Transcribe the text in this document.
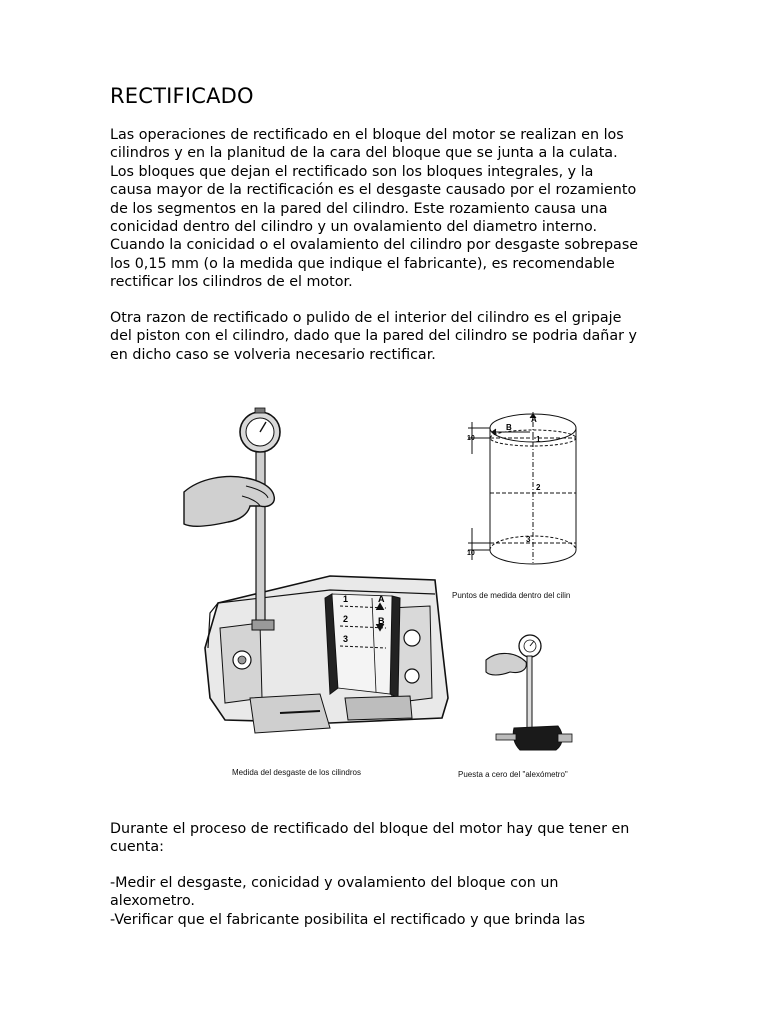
RECTIFICADO

Las operaciones de rectificado en el bloque del motor se realizan en los
cilindros y en la planitud de la cara del bloque que se junta a la culata.
Los bloques que dejan el rectificado son los bloques integrales, y la
causa mayor de la rectificación es el desgaste causado por el rozamiento
de los segmentos en la pared del cilindro. Este rozamiento causa una
conicidad dentro del cilindro y un ovalamiento del diametro interno.
Cuando la conicidad o el ovalamiento del cilindro por desgaste sobrepase
los 0,15 mm (o la medida que indique el fabricante), es recomendable
rectificar los cilindros de el motor.

Otra razon de rectificado o pulido de el interior del cilindro es el gripaje
del piston con el cilindro, dado que la pared del cilindro se podria dañar y
en dicho caso se volveria necesario rectificar.

1
2
3
A
B
10
10
1
2
3
A
B
Medida del desgaste de los cilindros
Puntos de medida dentro del cilin
Puesta a cero del "alexómetro"

Durante el proceso de rectificado del bloque del motor hay que tener en
cuenta:

-Medir el desgaste, conicidad y ovalamiento del bloque con un
alexometro.
-Verificar que el fabricante posibilita el rectificado y que brinda las
